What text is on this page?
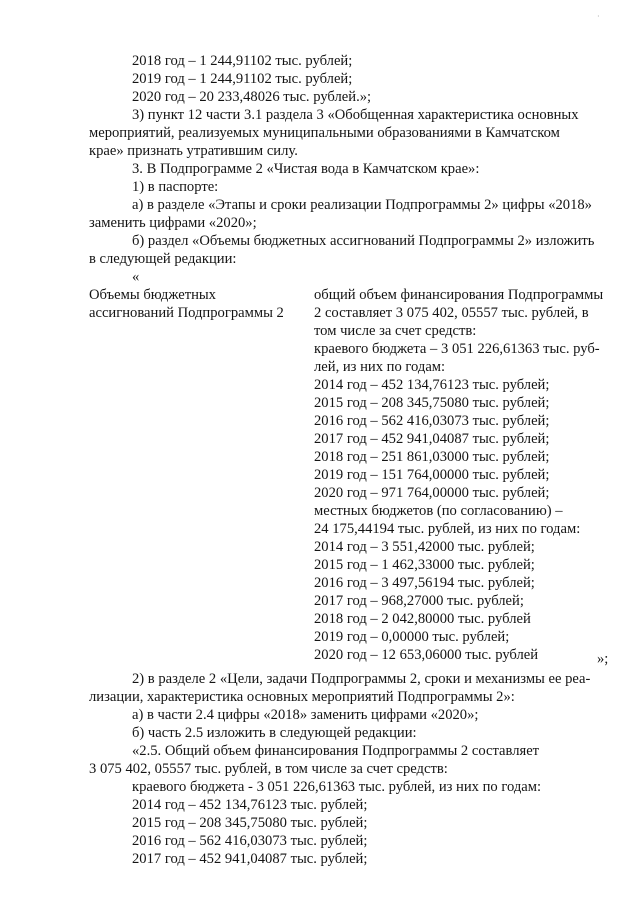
·
2018 год – 1 244,91102 тыс. рублей;
2019 год – 1 244,91102 тыс. рублей;
2020 год – 20 233,48026 тыс. рублей.»;
3) пункт 12 части 3.1 раздела 3 «Обобщенная характеристика основных
мероприятий, реализуемых муниципальными образованиями в Камчатском
крае» признать утратившим силу.
3. В Подпрограмме 2 «Чистая вода в Камчатском крае»:
1) в паспорте:
а) в разделе «Этапы и сроки реализации Подпрограммы 2» цифры «2018»
заменить цифрами «2020»;
б) раздел «Объемы бюджетных ассигнований Подпрограммы 2» изложить
в следующей редакции:
«
Объемы бюджетных
ассигнований Подпрограммы 2
общий объем финансирования Подпрограммы
2 составляет 3 075 402, 05557 тыс. рублей, в
том числе за счет средств:
краевого бюджета – 3 051 226,61363 тыс. руб-
лей, из них по годам:
2014 год – 452 134,76123 тыс. рублей;
2015 год – 208 345,75080 тыс. рублей;
2016 год – 562 416,03073 тыс. рублей;
2017 год – 452 941,04087 тыс. рублей;
2018 год – 251 861,03000 тыс. рублей;
2019 год – 151 764,00000 тыс. рублей;
2020 год – 971 764,00000 тыс. рублей;
местных бюджетов (по согласованию) –
24 175,44194 тыс. рублей, из них по годам:
2014 год – 3 551,42000 тыс. рублей;
2015 год – 1 462,33000 тыс. рублей;
2016 год – 3 497,56194 тыс. рублей;
2017 год – 968,27000 тыс. рублей;
2018 год – 2 042,80000 тыс. рублей
2019 год – 0,00000 тыс. рублей;
2020 год – 12 653,06000 тыс. рублей	»;
2) в разделе 2 «Цели, задачи Подпрограммы 2, сроки и механизмы ее реа-
лизации, характеристика основных мероприятий Подпрограммы 2»:
а) в части 2.4 цифры «2018» заменить цифрами «2020»;
б) часть 2.5 изложить в следующей редакции:
«2.5. Общий объем финансирования Подпрограммы 2 составляет
3 075 402, 05557 тыс. рублей, в том числе за счет средств:
краевого бюджета - 3 051 226,61363 тыс. рублей, из них по годам:
2014 год – 452 134,76123 тыс. рублей;
2015 год – 208 345,75080 тыс. рублей;
2016 год – 562 416,03073 тыс. рублей;
2017 год – 452 941,04087 тыс. рублей;
